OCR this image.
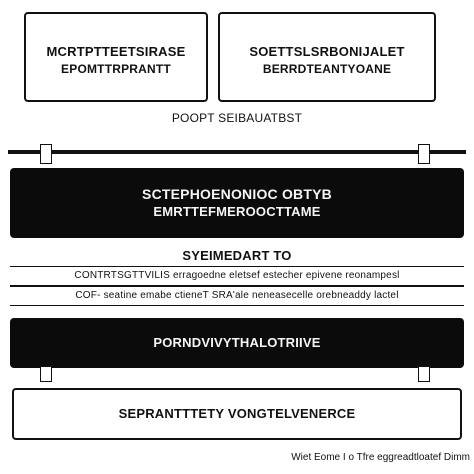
MCRTPTTEETSIRASE
EPOMTTRPRANTT
SOETTSLSRBONIJALET
BERRDTEANTYOANE
POOPT SEIBAUATBST
SCTEPHOENONIOC OBTYB
EMRTTEFMEROOCTTAME
SYEIMEDART TO
CONTRTSGTTVILIS erragoedne eletsef estecher epivene reonampesl
COF- seatine emabe ctieneT SRA'ale neneasecelle orebneaddy lactel
PORNDVIVYTHALOTRIIVE
SEPRANTTTETY VONGTELVENERCE
Wiet Eome I o Tfre eggreadtloatef Dimm
